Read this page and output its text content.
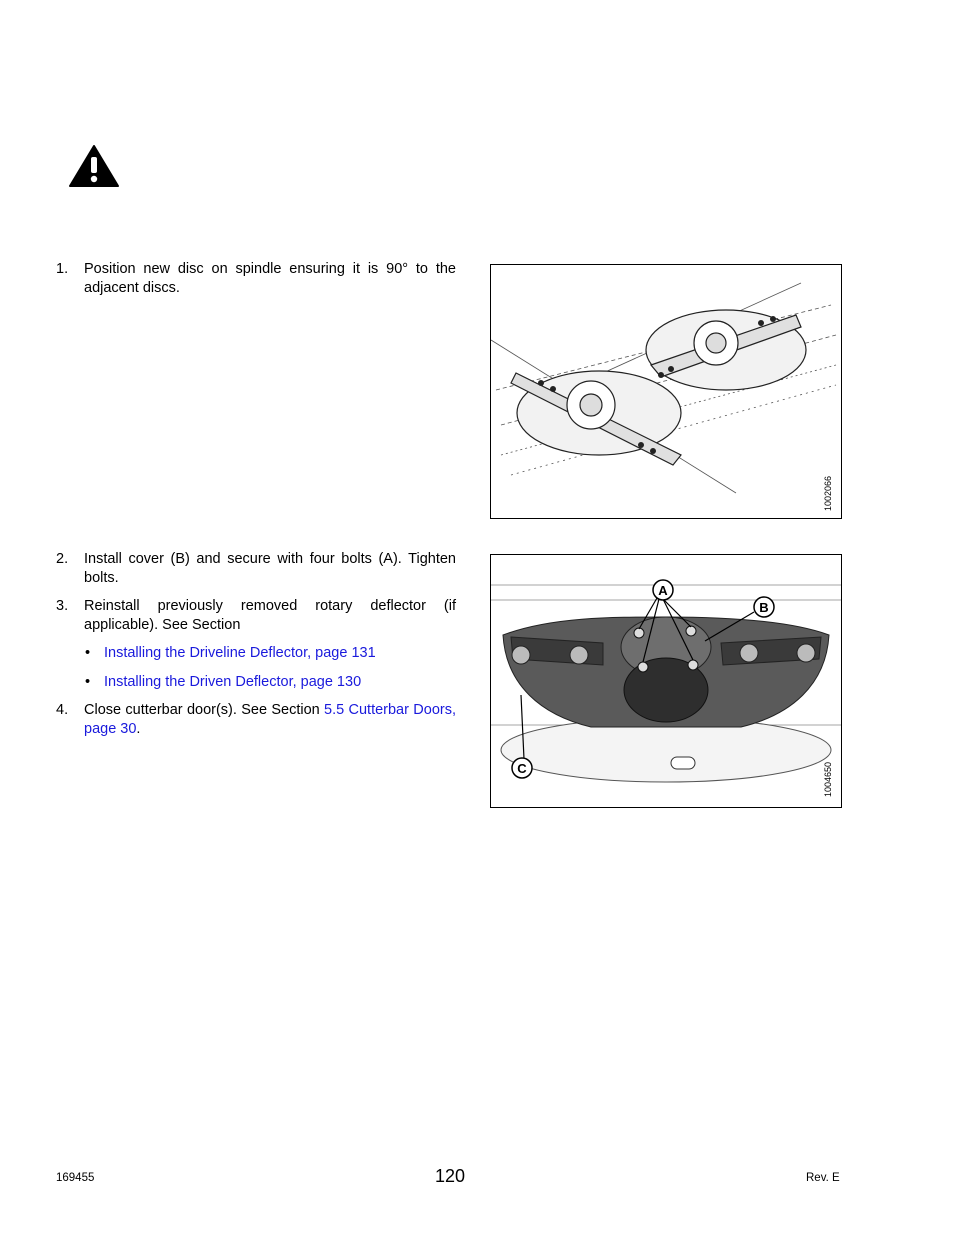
1. Position new disc on spindle ensuring it is 90° to the adjacent discs.
1002066
2. Install cover (B) and secure with four bolts (A). Tighten bolts.
3. Reinstall previously removed rotary deflector (if applicable). See Section
• Installing the Driveline Deflector, page 131
• Installing the Driven Deflector, page 130
4. Close cutterbar door(s). See Section 5.5 Cutterbar Doors, page 30.
A
B
C	1004650
169455	120	Rev. E
